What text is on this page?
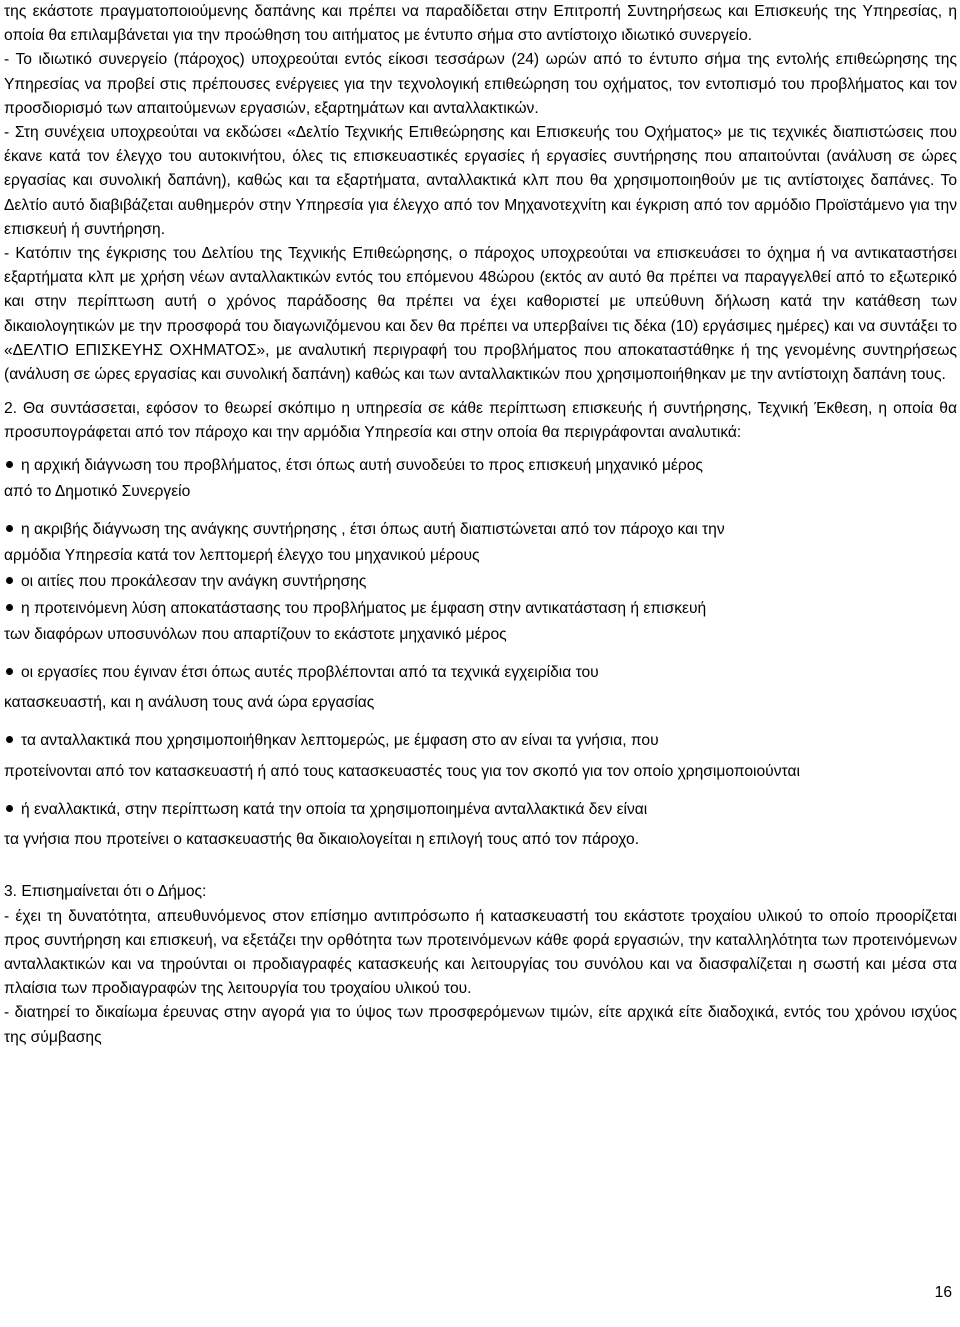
της εκάστοτε πραγματοποιούμενης δαπάνης και πρέπει να παραδίδεται στην Επιτροπή Συντηρήσεως και Επισκευής της Υπηρεσίας, η οποία θα επιλαμβάνεται για την προώθηση του αιτήματος με έντυπο σήμα στο αντίστοιχο ιδιωτικό συνεργείο.

- Το ιδιωτικό συνεργείο (πάροχος) υποχρεούται εντός είκοσι τεσσάρων (24) ωρών από το έντυπο σήμα της εντολής επιθεώρησης της Υπηρεσίας να προβεί στις πρέπουσες ενέργειες για την τεχνολογική επιθεώρηση του οχήματος, τον εντοπισμό του προβλήματος και τον προσδιορισμό των απαιτούμενων εργασιών, εξαρτημάτων και ανταλλακτικών.

- Στη συνέχεια υποχρεούται να εκδώσει «Δελτίο Τεχνικής Επιθεώρησης και Επισκευής του Οχήματος» με τις τεχνικές διαπιστώσεις που έκανε κατά τον έλεγχο του αυτοκινήτου, όλες τις επισκευαστικές εργασίες ή εργασίες συντήρησης που απαιτούνται (ανάλυση σε ώρες εργασίας και συνολική δαπάνη), καθώς και τα εξαρτήματα, ανταλλακτικά κλπ που θα χρησιμοποιηθούν με τις αντίστοιχες δαπάνες. Το Δελτίο αυτό διαβιβάζεται αυθημερόν στην Υπηρεσία για έλεγχο από τον Μηχανοτεχνίτη και έγκριση από τον αρμόδιο Προϊστάμενο για την επισκευή ή συντήρηση.

- Κατόπιν της έγκρισης του Δελτίου της Τεχνικής Επιθεώρησης, ο πάροχος υποχρεούται να επισκευάσει το όχημα ή να αντικαταστήσει εξαρτήματα κλπ με χρήση νέων ανταλλακτικών εντός του επόμενου 48ώρου (εκτός αν αυτό θα πρέπει να παραγγελθεί από το εξωτερικό και στην περίπτωση αυτή ο χρόνος παράδοσης θα πρέπει να έχει καθοριστεί με υπεύθυνη δήλωση κατά την κατάθεση των δικαιολογητικών με την προσφορά του διαγωνιζόμενου και δεν θα πρέπει να υπερβαίνει τις δέκα (10) εργάσιμες ημέρες) και να συντάξει το «ΔΕΛΤΙΟ ΕΠΙΣΚΕΥΗΣ ΟΧΗΜΑΤΟΣ», με αναλυτική περιγραφή του προβλήματος που αποκαταστάθηκε ή της γενομένης συντηρήσεως (ανάλυση σε ώρες εργασίας και συνολική δαπάνη) καθώς και των ανταλλακτικών που χρησιμοποιήθηκαν με την αντίστοιχη δαπάνη τους.

2. Θα συντάσσεται, εφόσον το θεωρεί σκόπιμο η υπηρεσία σε κάθε περίπτωση επισκευής ή συντήρησης, Τεχνική Έκθεση, η οποία θα προσυπογράφεται από τον πάροχο και την αρμόδια Υπηρεσία και στην οποία θα περιγράφονται αναλυτικά:

η αρχική διάγνωση του προβλήματος, έτσι όπως αυτή συνοδεύει το προς επισκευή μηχανικό μέρος

από το Δημοτικό Συνεργείο

η ακριβής διάγνωση της ανάγκης συντήρησης , έτσι όπως αυτή διαπιστώνεται από τον πάροχο και την

αρμόδια Υπηρεσία κατά τον λεπτομερή έλεγχο του μηχανικού μέρους

οι αιτίες που προκάλεσαν την ανάγκη συντήρησης
η προτεινόμενη λύση αποκατάστασης του προβλήματος με έμφαση στην αντικατάσταση ή επισκευή

των διαφόρων υποσυνόλων που απαρτίζουν το εκάστοτε μηχανικό μέρος

οι εργασίες που έγιναν έτσι όπως αυτές προβλέπονται από τα τεχνικά εγχειρίδια του

κατασκευαστή, και η ανάλυση τους ανά ώρα εργασίας

τα ανταλλακτικά που χρησιμοποιήθηκαν λεπτομερώς, με έμφαση στο αν είναι τα γνήσια, που

προτείνονται από τον κατασκευαστή ή από τους κατασκευαστές τους για τον σκοπό για τον οποίο χρησιμοποιούνται

ή εναλλακτικά, στην περίπτωση κατά την οποία τα χρησιμοποιημένα ανταλλακτικά δεν είναι

τα γνήσια που προτείνει ο κατασκευαστής θα δικαιολογείται η επιλογή τους από τον πάροχο.

3. Επισημαίνεται ότι ο Δήμος:

- έχει τη δυνατότητα, απευθυνόμενος στον επίσημο αντιπρόσωπο ή κατασκευαστή του εκάστοτε τροχαίου υλικού το οποίο προορίζεται προς συντήρηση και επισκευή, να εξετάζει την ορθότητα των προτεινόμενων κάθε φορά εργασιών, την καταλληλότητα των προτεινόμενων ανταλλακτικών και να τηρούνται οι προδιαγραφές κατασκευής και λειτουργίας του συνόλου και να διασφαλίζεται η σωστή και μέσα στα πλαίσια των προδιαγραφών της λειτουργία του τροχαίου υλικού του.

- διατηρεί το δικαίωμα έρευνας στην αγορά για το ύψος των προσφερόμενων τιμών, είτε αρχικά είτε διαδοχικά, εντός του χρόνου ισχύος της σύμβασης

16
